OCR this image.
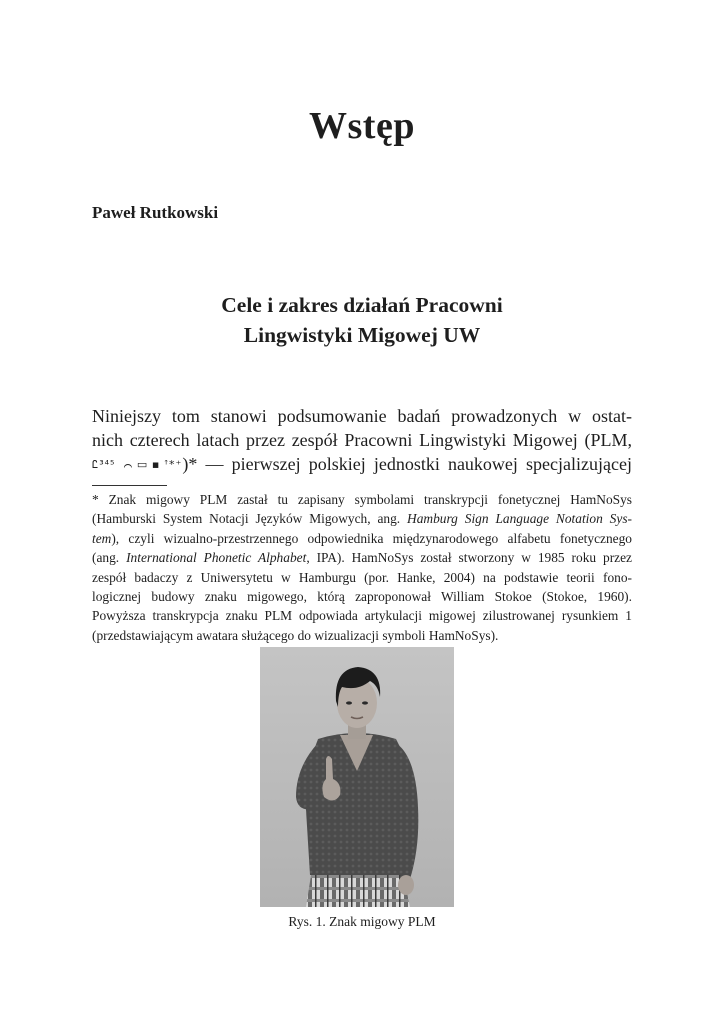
Wstęp

Paweł Rutkowski

Cele i zakres działań Pracowni
Lingwistyki Migowej UW

Niniejszy tom stanowi podsumowanie badań prowadzonych w ostat-
nich czterech latach przez zespół Pracowni Lingwistyki Migowej (PLM,
Ꮭ³⁴⁵ ⌒▭▪ꜛ*⁺)* — pierwszej polskiej jednostki naukowej specjalizującej

* Znak migowy PLM zastał tu zapisany symbolami transkrypcji fonetycznej HamNoSys
(Hamburski System Notacji Języków Migowych, ang. Hamburg Sign Language Notation Sys-
tem), czyli wizualno-przestrzennego odpowiednika międzynarodowego alfabetu fonetycznego
(ang. International Phonetic Alphabet, IPA). HamNoSys został stworzony w 1985 roku przez
zespół badaczy z Uniwersytetu w Hamburgu (por. Hanke, 2004) na podstawie teorii fono-
logicznej budowy znaku migowego, którą zaproponował William Stokoe (Stokoe, 1960).
Powyższa transkrypcja znaku PLM odpowiada artykulacji migowej zilustrowanej rysunkiem 1
(przedstawiającym awatara służącego do wizualizacji symboli HamNoSys).

Rys. 1. Znak migowy PLM
